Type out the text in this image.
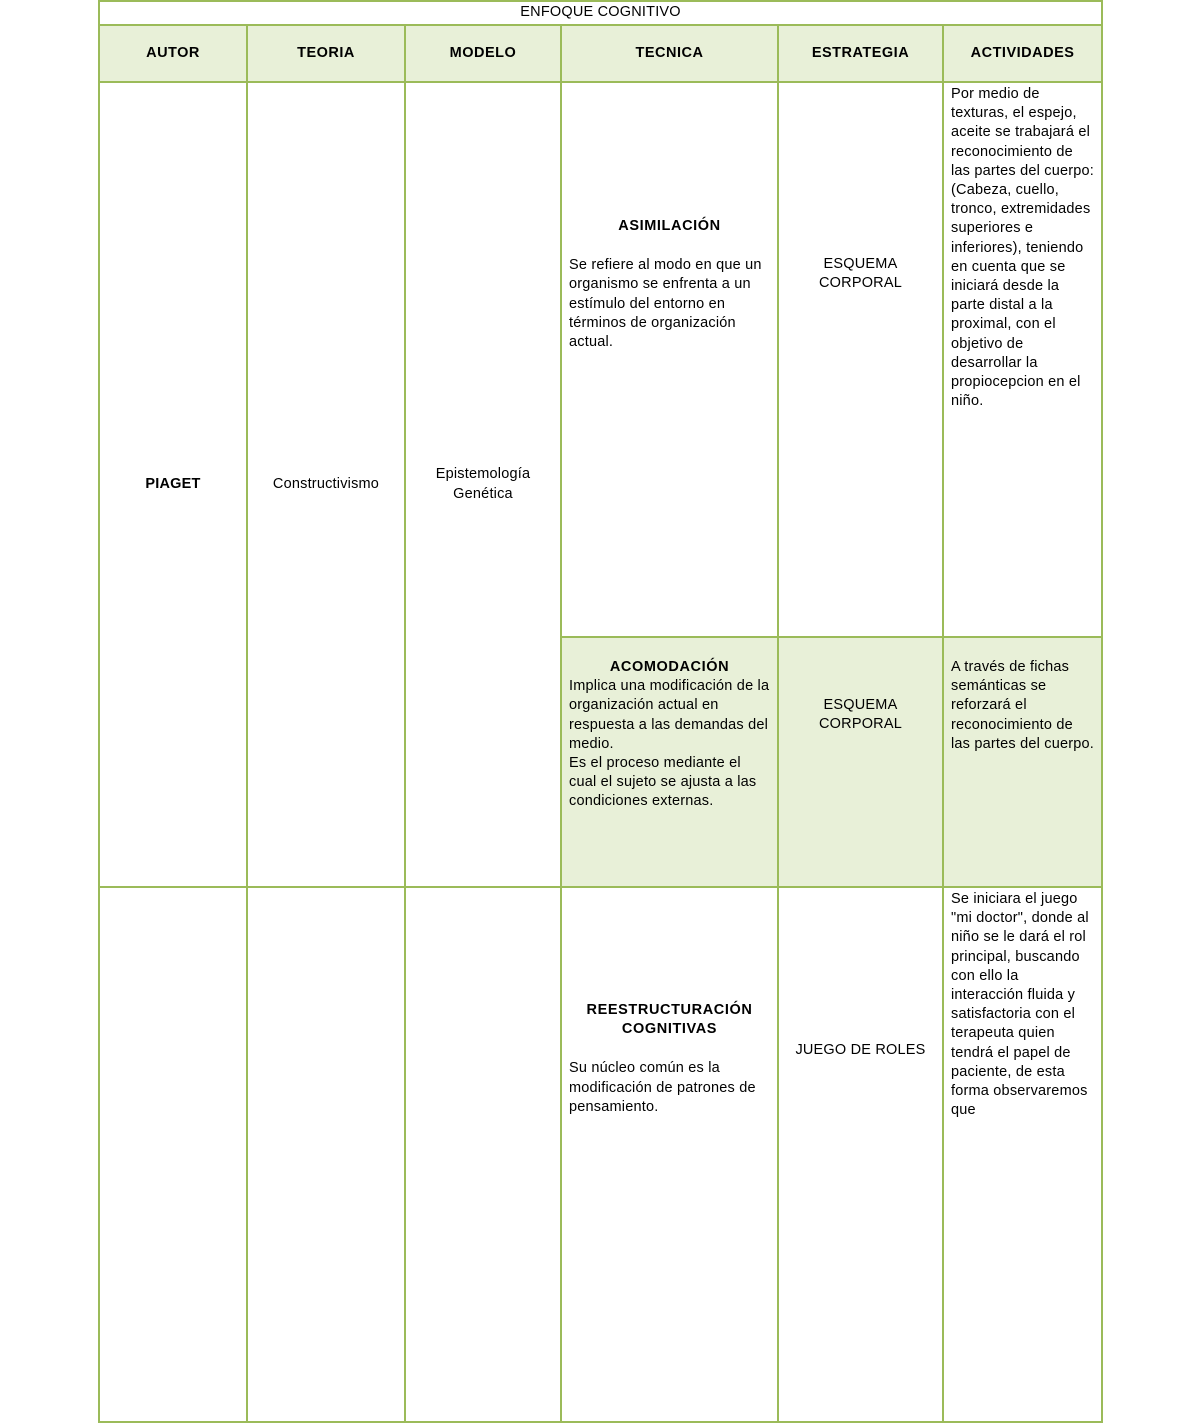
ENFOQUE COGNITIVO					
AUTOR	TEORIA	MODELO	TECNICA	ESTRATEGIA	ACTIVIDADES
PIAGET	Constructivismo	Epistemología Genética	ASIMILACIÓN
Se refiere al modo en que un organismo se enfrenta a un estímulo del entorno en términos de organización actual.	ESQUEMA CORPORAL	Por medio de texturas, el espejo, aceite se trabajará el reconocimiento de las partes del cuerpo: (Cabeza, cuello, tronco, extremidades superiores e inferiores), teniendo en cuenta que se iniciará desde la parte distal a la proximal, con el objetivo de desarrollar la propiocepcion en el niño.

			ACOMODACIÓN
Implica una modificación de la organización actual en respuesta a las demandas del medio.
Es el proceso mediante el cual el sujeto se ajusta a las condiciones externas.	ESQUEMA CORPORAL	A través de fichas semánticas se reforzará el reconocimiento de las partes del cuerpo.

			REESTRUCTURACIÓN COGNITIVAS
Su núcleo común es la modificación de patrones de pensamiento.	JUEGO DE ROLES	Se iniciara el juego "mi doctor", donde al niño se le dará el rol principal, buscando con ello la interacción fluida y satisfactoria con el terapeuta quien tendrá el papel de paciente, de esta forma observaremos que
